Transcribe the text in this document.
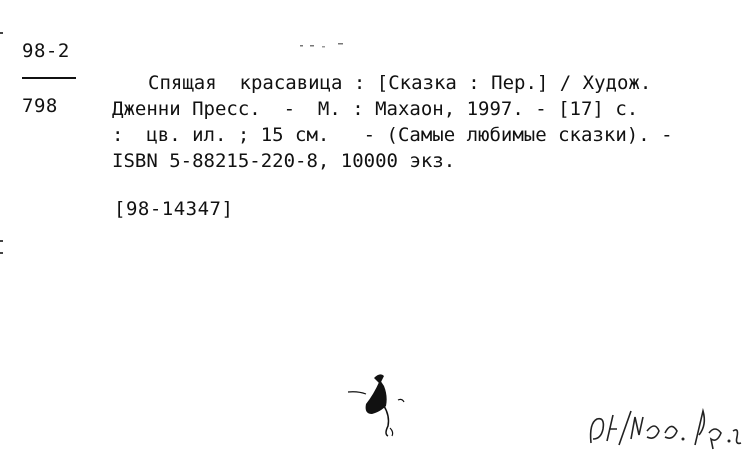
98-2
798
Спящая  красавица : [Сказка : Пер.] / Худож.
Дженни Пресс.  -  М. : Махаон, 1997. - [17] с.
:  цв. ил. ; 15 см.   - (Самые любимые сказки). -
ISBN 5-88215-220-8, 10000 экз.
[98-14347]
